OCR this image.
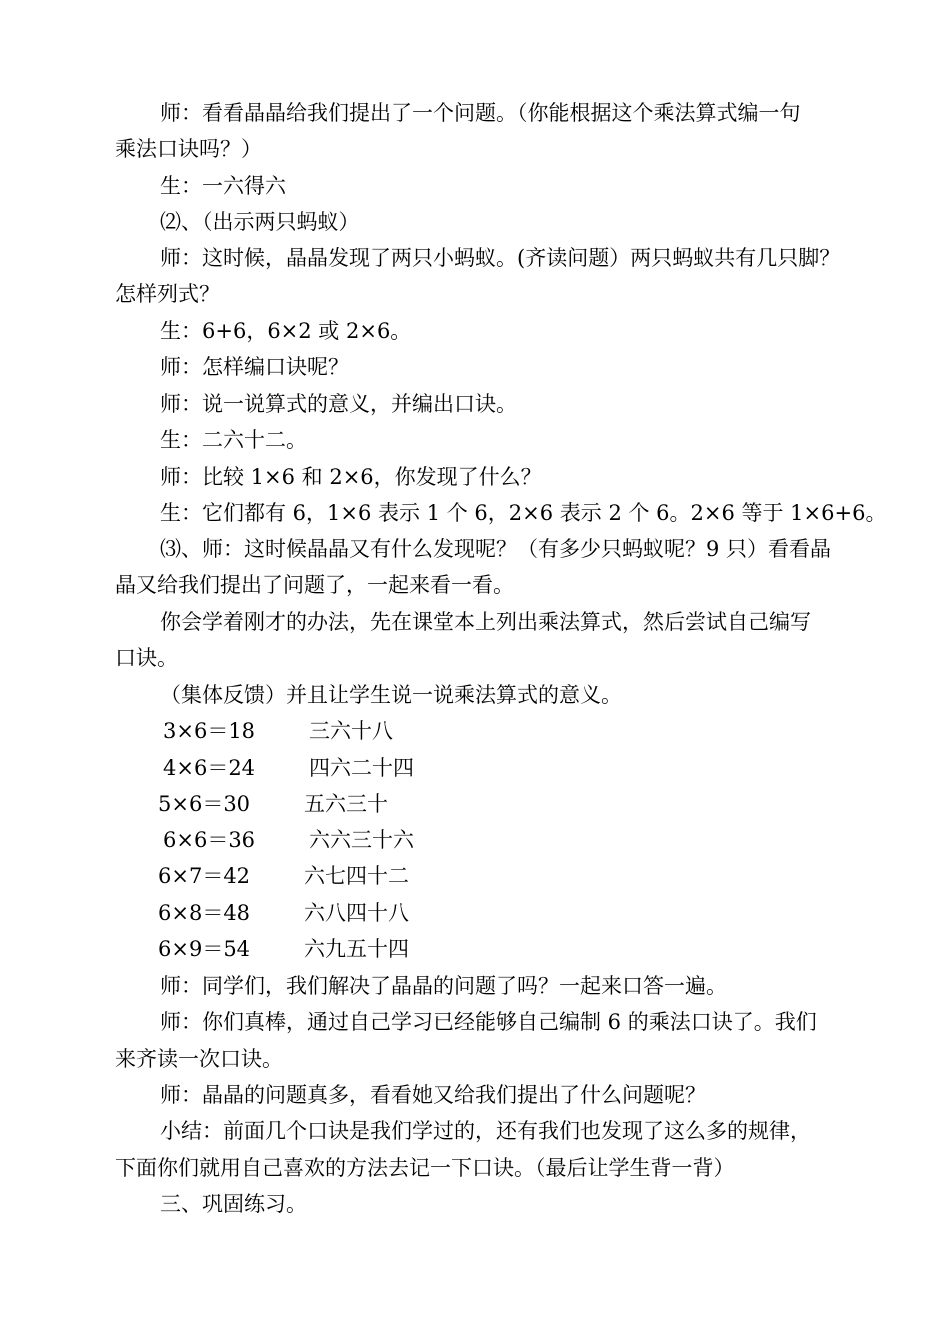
师：看看晶晶给我们提出了一个问题。（你能根据这个乘法算式编一句
乘法口诀吗？）
生：一六得六
⑵、（出示两只蚂蚁）
师：这时候，晶晶发现了两只小蚂蚁。(齐读问题）两只蚂蚁共有几只脚？
怎样列式？
生：6+6，6×2 或 2×6。
师：怎样编口诀呢？
师：说一说算式的意义，并编出口诀。
生：二六十二。
师：比较 1×6 和 2×6，你发现了什么？
生：它们都有 6，1×6 表示 1 个 6，2×6 表示 2 个 6。2×6 等于 1×6+6。
⑶、师：这时候晶晶又有什么发现呢？（有多少只蚂蚁呢？9 只）看看晶
晶又给我们提出了问题了，一起来看一看。
你会学着刚才的办法，先在课堂本上列出乘法算式，然后尝试自己编写
口诀。
（集体反馈）并且让学生说一说乘法算式的意义。
3×6＝18	三六十八
4×6＝24	四六二十四
5×6＝30	五六三十
6×6＝36	六六三十六
6×7＝42	六七四十二
6×8＝48	六八四十八
6×9＝54	六九五十四
师：同学们，我们解决了晶晶的问题了吗？一起来口答一遍。
师：你们真棒，通过自己学习已经能够自己编制 6 的乘法口诀了。我们
来齐读一次口诀。
师：晶晶的问题真多，看看她又给我们提出了什么问题呢？
小结：前面几个口诀是我们学过的，还有我们也发现了这么多的规律，
下面你们就用自己喜欢的方法去记一下口诀。（最后让学生背一背）
三、巩固练习。
